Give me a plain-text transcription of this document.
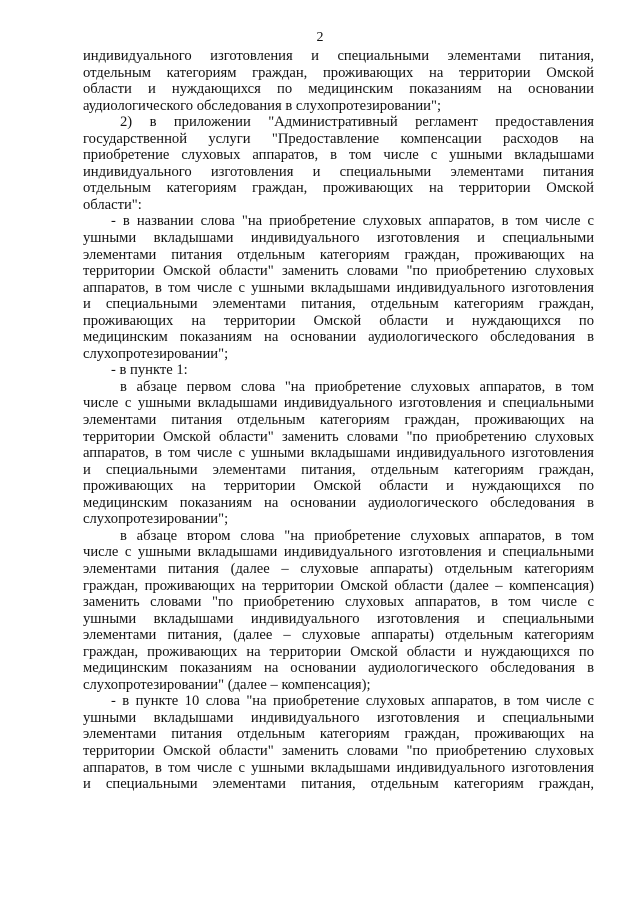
2

индивидуального изготовления и специальными элементами питания,

отдельным категориям граждан, проживающих на территории Омской

области и нуждающихся по медицинским показаниям на основании

аудиологического обследования в слухопротезировании";

2) в приложении "Административный регламент предоставления

государственной услуги "Предоставление компенсации расходов на

приобретение слуховых аппаратов, в том числе с ушными вкладышами

индивидуального изготовления и специальными элементами питания

отдельным категориям граждан, проживающих на территории Омской

области":

- в названии слова "на приобретение слуховых аппаратов, в том числе с

ушными вкладышами индивидуального изготовления и специальными

элементами питания отдельным категориям граждан, проживающих на

территории Омской области" заменить словами "по приобретению слуховых

аппаратов, в том числе с ушными вкладышами индивидуального изготовления

и специальными элементами питания, отдельным категориям граждан,

проживающих на территории Омской области и нуждающихся по

медицинским показаниям на основании аудиологического обследования в

слухопротезировании";

- в пункте 1:

в абзаце первом слова "на приобретение слуховых аппаратов, в том

числе с ушными вкладышами индивидуального изготовления и специальными

элементами питания отдельным категориям граждан, проживающих на

территории Омской области" заменить словами "по приобретению слуховых

аппаратов, в том числе с ушными вкладышами индивидуального изготовления

и специальными элементами питания, отдельным категориям граждан,

проживающих на территории Омской области и нуждающихся по

медицинским показаниям на основании аудиологического обследования в

слухопротезировании";

в абзаце втором слова "на приобретение слуховых аппаратов, в том

числе с ушными вкладышами индивидуального изготовления и специальными

элементами питания (далее – слуховые аппараты) отдельным категориям

граждан, проживающих на территории Омской области (далее – компенсация)

заменить словами "по приобретению слуховых аппаратов, в том числе с

ушными вкладышами индивидуального изготовления и специальными

элементами питания, (далее – слуховые аппараты) отдельным категориям

граждан, проживающих на территории Омской области и нуждающихся по

медицинским показаниям на основании аудиологического обследования в

слухопротезировании" (далее – компенсация);

- в пункте 10 слова "на приобретение слуховых аппаратов, в том числе с

ушными вкладышами индивидуального изготовления и специальными

элементами питания отдельным категориям граждан, проживающих на

территории Омской области" заменить словами "по приобретению слуховых

аппаратов, в том числе с ушными вкладышами индивидуального изготовления

и специальными элементами питания, отдельным категориям граждан,
